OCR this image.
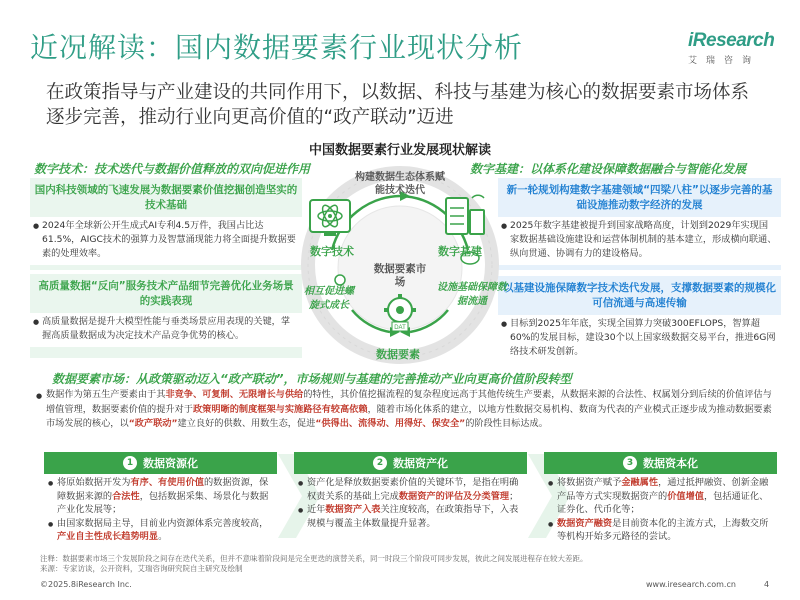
近况解读：国内数据要素行业现状分析	iResearch
艾瑞咨询
在政策指导与产业建设的共同作用下，以数据、科技与基建为核心的数据要素市场体系逐步完善，推动行业向更高价值的“政产联动”迈进
中国数据要素行业发展现状解读
数字技术：技术迭代与数据价值释放的双向促进作用
国内科技领域的飞速发展为数据要素价值挖掘创造坚实的技术基础
● 2024年全球新公开生成式AI专利4.5万件，我国占比达61.5%，AIGC技术的强算力及智慧涌现能力将全面提升数据要素的处理效率。
高质量数据“反向”服务技术产品细节完善优化业务场景的实践表现
● 高质量数据是提升大模型性能与垂类场景应用表现的关键，掌握高质量数据成为决定技术产品竞争优势的核心。
数字基建：以体系化建设保障数据融合与智能化发展
新一轮规划构建数字基建领域“四梁八柱”以逐步完善的基础设施推动数字经济的发展
● 2025年数字基建被提升到国家战略高度，计划到2029年实现国家数据基础设施建设和运营体制机制的基本建立，形成横向联通、纵向贯通、协调有力的建设格局。
以基建设施保障数字技术迭代发展，支撑数据要素的规模化可信流通与高速传输
● 目标到2025年年底，实现全国算力突破300EFLOPS，智算超60%的发展目标，建设30个以上国家级数据交易平台，推进6G网络技术研发创新。
DAT
构建数据生态体系赋能技术迭代
数据要素市场
数字技术	数字基建
数据要素
相互促进螺旋式成长
设施基础保障数据流通
数据要素市场：从政策驱动迈入“政产联动”，市场规则与基建的完善推动产业向更高价值阶段转型
● 数据作为第五生产要素由于其非竞争、可复制、无限增长与供给的特性，其价值挖掘流程的复杂程度远高于其他传统生产要素，从数据来源的合法性、权属划分到后续的价值评估与增值管理，数据要素价值的提升对于政策明晰的制度框架与实施路径有较高依赖，随着市场化体系的建立，以地方性数据交易机构、数商为代表的产业模式正逐步成为推动数据要素市场发展的核心，以“政产联动”建立良好的供数、用数生态，促进“供得出、流得动、用得好、保安全”的阶段性目标达成。
1 数据资源化
● 将原始数据开发为有序、有使用价值的数据资源，保障数据来源的合法性，包括数据采集、场景化与数据产业化发展等；
● 由国家数据局主导，目前业内资源体系完善度较高，产业自主性成长趋势明显。
2 数据资产化
● 资产化是释放数据要素价值的关键环节，是指在明确权责关系的基础上完成数据资产的评估及分类管理；
● 近年数据资产入表关注度较高，在政策指导下，入表规模与覆盖主体数量提升显著。
3 数据资本化
● 将数据资产赋予金融属性，通过抵押融资、创新金融产品等方式实现数据资产的价值增值，包括通证化、证券化、代币化等；
● 数据资产融资是目前资本化的主流方式，上海数交所等机构开始多元路径的尝试。
注释：数据要素市场三个发展阶段之间存在迭代关系，但并不意味着阶段间是完全更迭的演替关系，同一时段三个阶段可同步发展，彼此之间发展进程存在较大差距。
来源：专家访谈，公开资料，艾瑞咨询研究院自主研究及绘制
©2025.8iResearch Inc.	www.iresearch.com.cn	4
